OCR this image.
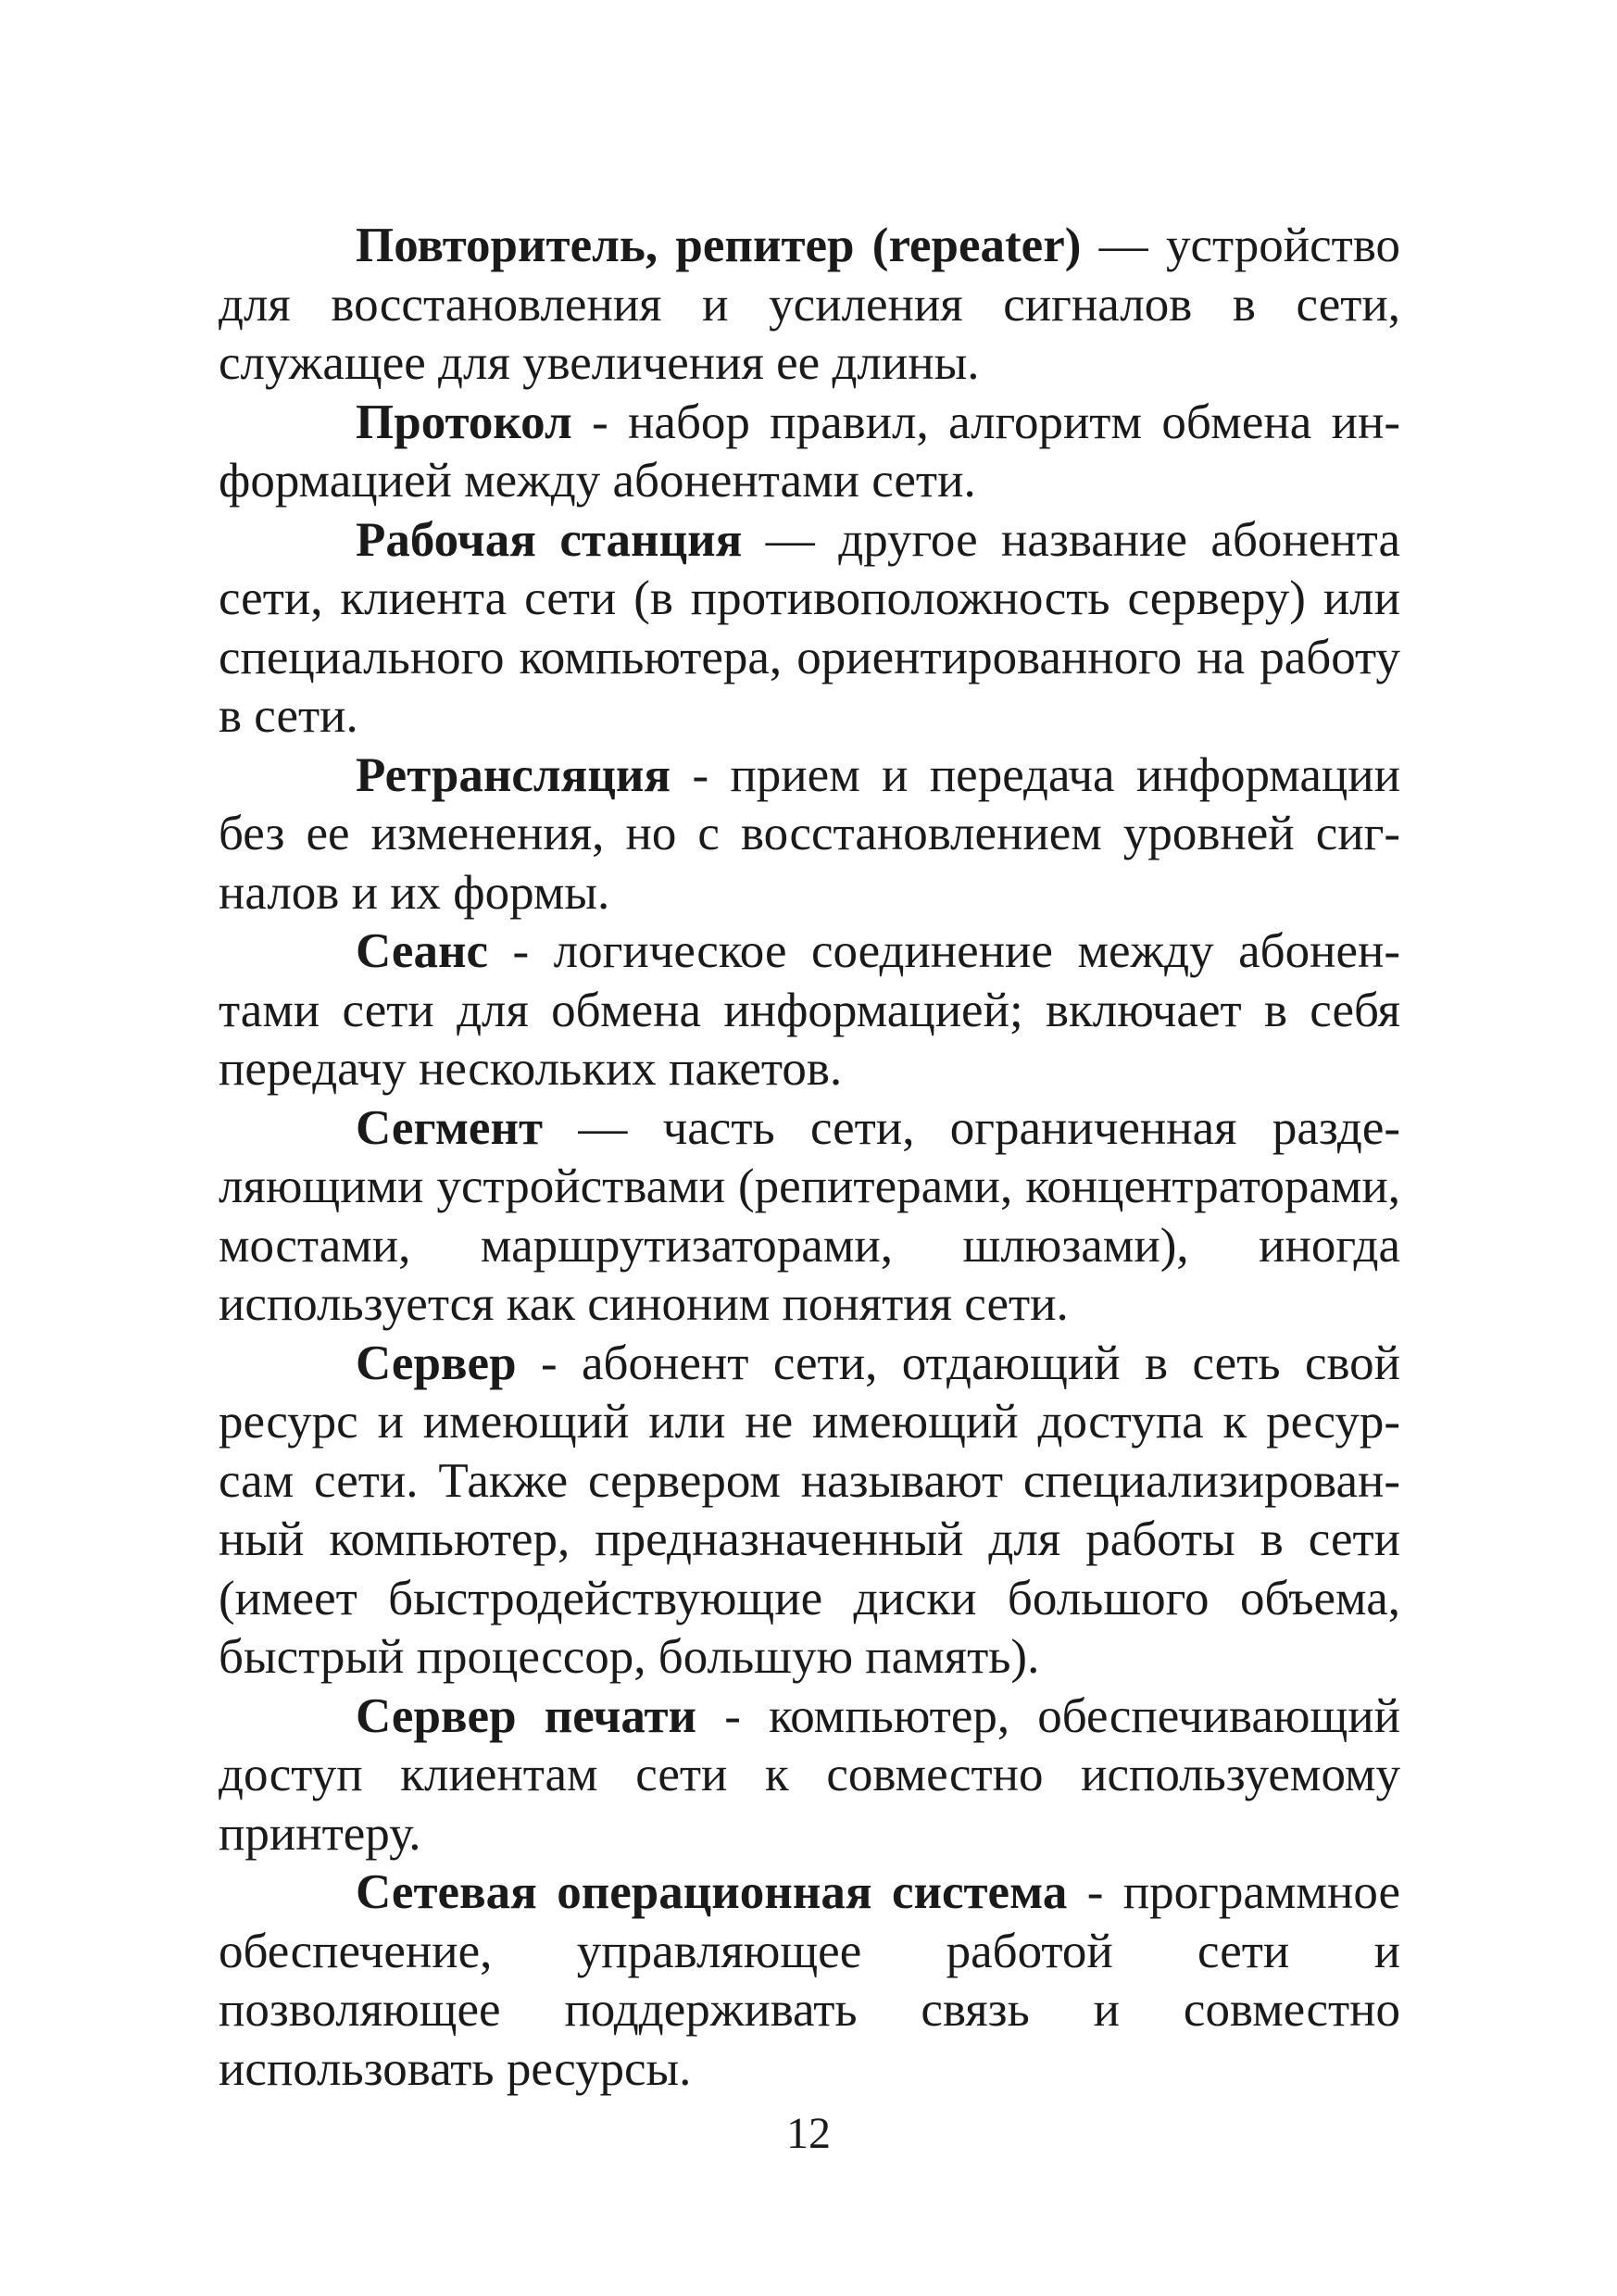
Повторитель, репитер (repeater) — устройство для восстановления и усиления сигналов в сети, служащее для увеличения ее длины.

Протокол - набор правил, алгоритм обмена информацией между абонентами сети.

Рабочая станция — другое название абонента сети, клиента сети (в противоположность серверу) или специального компьютера, ориентированного на работу в сети.

Ретрансляция - прием и передача информации без ее изменения, но с восстановлением уровней сигналов и их формы.

Сеанс - логическое соединение между абонентами сети для обмена информацией; включает в себя передачу нескольких пакетов.

Сегмент — часть сети, ограниченная разделяющими устройствами (репитерами, концентраторами, мостами, маршрутизаторами, шлюзами), иногда используется как синоним понятия сети.

Сервер - абонент сети, отдающий в сеть свой ресурс и имеющий или не имеющий доступа к ресурсам сети. Также сервером называют специализированный компьютер, предназначенный для работы в сети (имеет быстродействующие диски большого объема, быстрый процессор, большую память).

Сервер печати - компьютер, обеспечивающий доступ клиентам сети к совместно используемому принтеру.

Сетевая операционная система - программное обеспечение, управляющее работой сети и позволяющее поддерживать связь и совместно использовать ресурсы.

12
